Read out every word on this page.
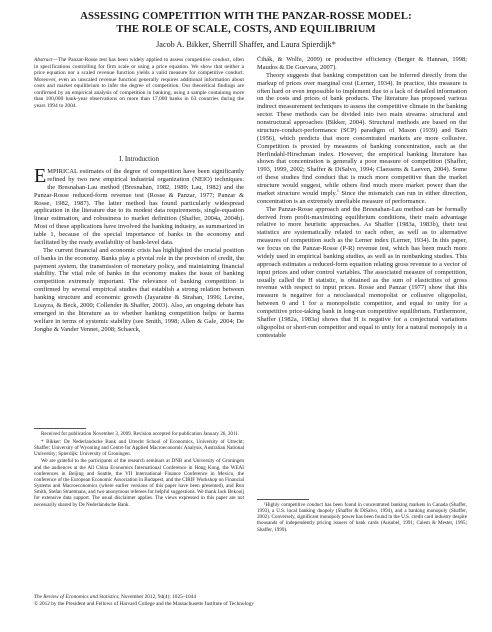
ASSESSING COMPETITION WITH THE PANZAR-ROSSE MODEL:
THE ROLE OF SCALE, COSTS, AND EQUILIBRIUM
Jacob A. Bikker, Sherrill Shaffer, and Laura Spierdijk*
Abstract—The Panzar-Rosse test has been widely applied to assess competitive conduct, often in specifications controlling for firm scale or using a price equation. We show that neither a price equation nor a scaled revenue function yields a valid measure for competitive conduct. Moreover, even an unscaled revenue function generally requires additional information about costs and market equilibrium to infer the degree of competition. Our theoretical findings are confirmed by an empirical analysis of competition in banking, using a sample containing more than 100,000 bank-year observations on more than 17,000 banks in 63 countries during the years 1994 to 2004.
I. Introduction

EMPIRICAL estimates of the degree of competition have been significantly refined by two new empirical industrial organization (NEIO) techniques: the Bresnahan-Lau method (Bresnahan, 1982, 1989; Lau, 1982) and the Panzar-Rosse reduced-form revenue test (Rosse & Panzar, 1977; Panzar & Rosse, 1982, 1987). The latter method has found particularly widespread application in the literature due to its modest data requirements, single-equation linear estimation, and robustness to market definition (Shaffer, 2004a, 2004b). Most of these applications have involved the banking industry, as summarized in table 1, because of the special importance of banks in the economy and facilitated by the ready availability of bank-level data.

The current financial and economic crisis has highlighted the crucial position of banks in the economy. Banks play a pivotal role in the provision of credit, the payment system, the transmission of monetary policy, and maintaining financial stability. The vital role of banks in the economy makes the issue of banking competition extremely important. The relevance of banking competition is confirmed by several empirical studies that establish a strong relation between banking structure and economic growth (Jayaratne & Strahan, 1996; Levine, Loayza, & Beck, 2000; Collender & Shaffer, 2003). Also, an ongoing debate has emerged in the literature as to whether banking competition helps or harms welfare in terms of systemic stability (see Smith, 1998; Allen & Gale, 2004; De Jonghe & Vander Vennet, 2008; Schaeck,

Received for publication November 3, 2009. Revision accepted for publication January 26, 2011.

* Bikker: De Nederlandsche Bank and Utrecht School of Economics, University of Utrecht; Shaffer: University of Wyoming and Centre for Applied Macroeconomic Analysis, Australian National University; Spierdijk: University of Groningen.

We are grateful to the participants of the research seminars at DNB and University of Groningen and the audiences at the All China Economics International Conference in Hong Kong, the WEAI conferences in Beijing and Seattle, the VII International Finance Conference in Mexico, the conference of the European Economic Association in Budapest, and the CIRIF Workshop on Financial Systems and Macroeconomics (where earlier versions of this paper have been presented), and Ron Smith, Stefan Straetmans, and two anonymous referees for helpful suggestions. We thank Jack Bekooij for extensive data support. The usual disclaimer applies. The views expressed in this paper are not necessarily shared by De Nederlandsche Bank.

Čihák, & Wolfe, 2009) or productive efficiency (Berger & Hannan, 1998; Maudos & De Guevara, 2007).

Theory suggests that banking competition can be inferred directly from the markup of prices over marginal cost (Lerner, 1934). In practice, this measure is often hard or even impossible to implement due to a lack of detailed information on the costs and prices of bank products. The literature has proposed various indirect measurement techniques to assess the competitive climate in the banking sector. These methods can be divided into two main streams: structural and nonstructural approaches (Bikker, 2004). Structural methods are based on the structure-conduct-performance (SCP) paradigm of Mason (1939) and Bain (1956), which predicts that more concentrated markets are more collusive. Competition is proxied by measures of banking concentration, such as the Herfindahl-Hirschman index. However, the empirical banking literature has shown that concentration is generally a poor measure of competition (Shaffer, 1993, 1999, 2002; Shaffer & DiSalvo, 1994; Claessens & Laeven, 2004). Some of these studies find conduct that is much more competitive than the market structure would suggest, while others find much more market power than the market structure would imply.$^1$ Since the mismatch can run in either direction, concentration is an extremely unreliable measure of performance.

The Panzar-Rosse approach and the Bresnahan-Lau method can be formally derived from profit-maximizing equilibrium conditions, their main advantage relative to more heuristic approaches. As Shaffer (1983a, 1983b), their test statistics are systematically related to each other, as well as to alternative measures of competition such as the Lerner index (Lerner, 1934). In this paper, we focus on the Panzar-Rosse (P-R) revenue test, which has been much more widely used in empirical banking studies, as well as in nonbanking studies. This approach estimates a reduced-form equation relating gross revenue to a vector of input prices and other control variables. The associated measure of competition, usually called the H statistic, is obtained as the sum of elasticities of gross revenue with respect to input prices. Rosse and Panzar (1977) show that this measure is negative for a neoclassical monopolist or collusive oligopolist, between 0 and 1 for a monopolistic competitor, and equal to unity for a competitive price-taking bank in long-run competitive equilibrium. Furthermore, Shaffer (1982a, 1983a) shows that H is negative for a conjectural variations oligopolist or short-run competitor and equal to unity for a natural monopoly in a contestable

¹Highly competitive conduct has been found in concentrated banking markets in Canada (Shaffer, 1993), a U.S. local banking duopoly (Shaffer & DiSalvo, 1994), and a banking monopoly (Shaffer, 2002). Conversely, significant monopoly power has been found in the U.S. credit card industry despite thousands of independently pricing issuers of bank cards (Ausubel, 1991; Calem & Mester, 1995; Shaffer, 1999).

The Review of Economics and Statistics, November 2012, 94(4): 1025–1044
© 2012 by the President and Fellows of Harvard College and the Massachusetts Institute of Technology
